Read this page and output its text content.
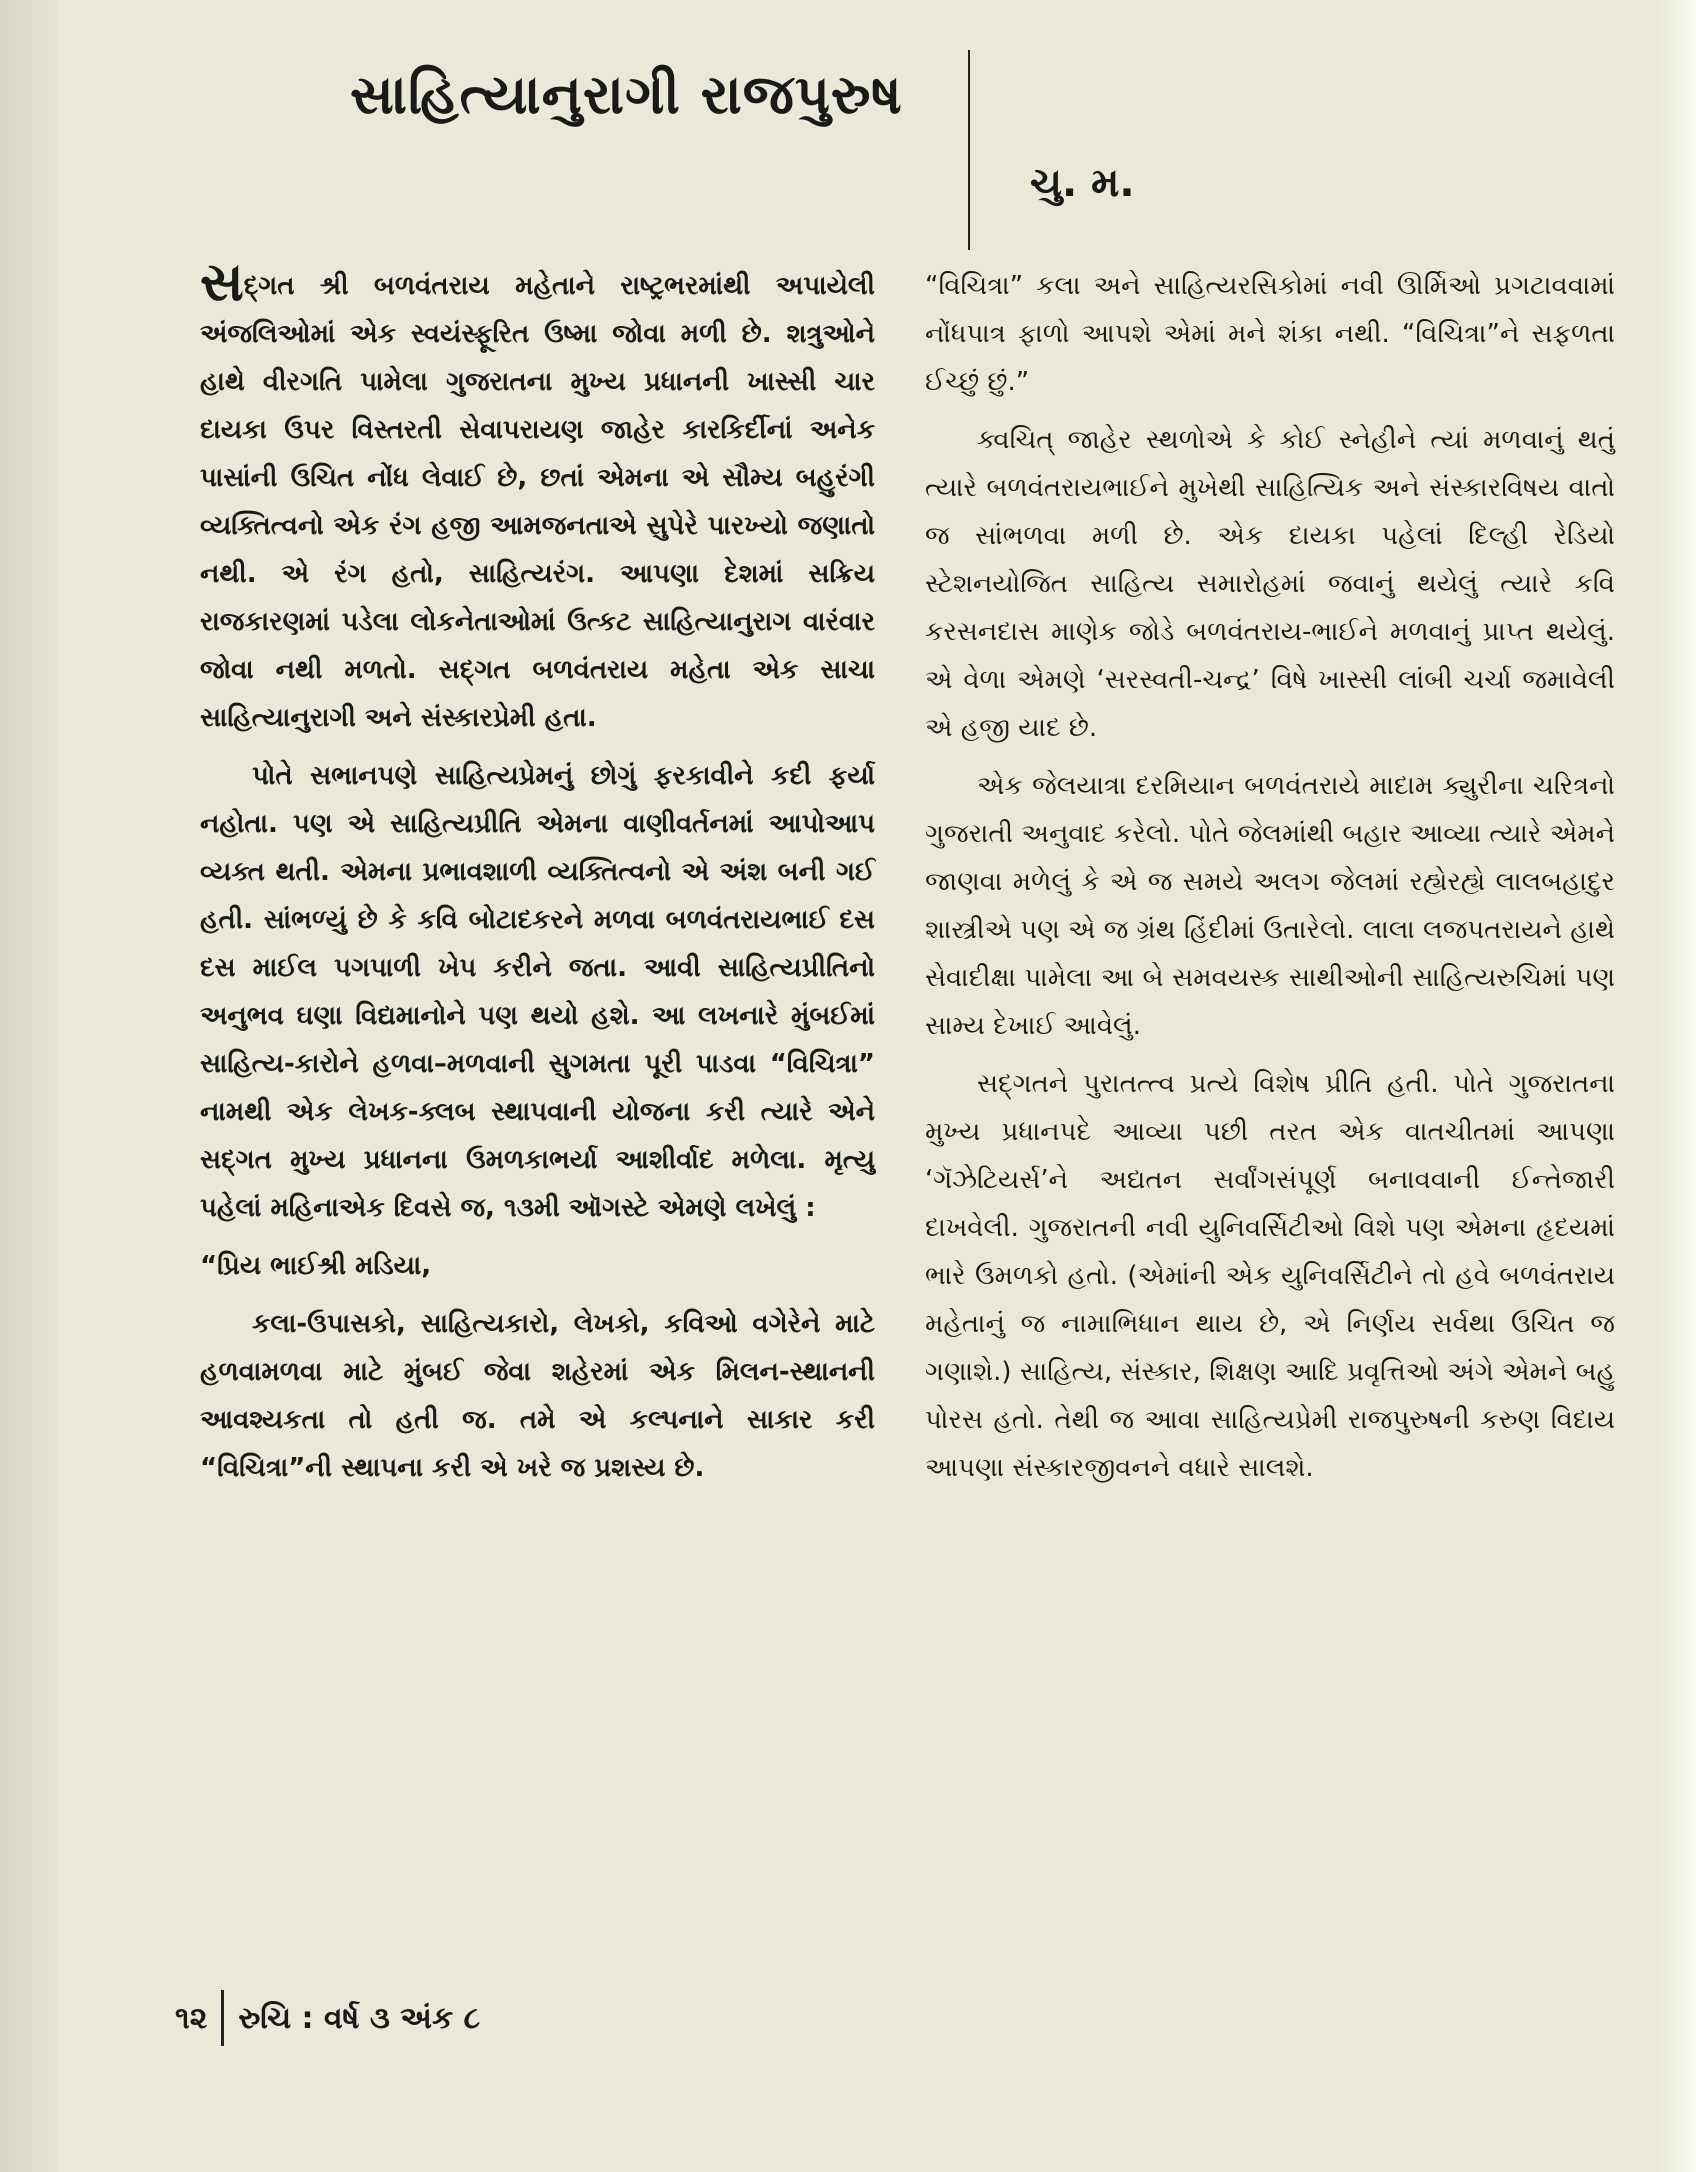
સાહિત્યાનુરાગી રાજપુરુષ
ચુ. મ.

સદ્ગત શ્રી બળવંતરાય મહેતાને રાષ્ટ્રભરમાંથી અપાયેલી અંજલિઓમાં એક સ્વયંસ્ફૂરિત ઉષ્મા જોવા મળી છે. શત્રુઓને હાથે વીરગતિ પામેલા ગુજરાતના મુખ્ય પ્રધાનની ખાસ્સી ચાર દાયકા ઉપર વિસ્તરતી સેવાપરાયણ જાહેર કારકિર્દીનાં અનેક પાસાંની ઉચિત નોંધ લેવાઈ છે, છતાં એમના એ સૌમ્ય બહુરંગી વ્યક્તિત્વનો એક રંગ હજી આમજનતાએ સુપેરે પારખ્યો જણાતો નથી. એ રંગ હતો, સાહિત્યરંગ. આપણા દેશમાં સક્રિય રાજકારણમાં પડેલા લોકનેતાઓમાં ઉત્કટ સાહિત્યાનુરાગ વારંવાર જોવા નથી મળતો. સદ્ગત બળવંતરાય મહેતા એક સાચા સાહિત્યાનુરાગી અને સંસ્કારપ્રેમી હતા.

પોતે સભાનપણે સાહિત્યપ્રેમનું છોગું ફરકાવીને કદી ફર્યા નહોતા. પણ એ સાહિત્યપ્રીતિ એમના વાણીવર્તનમાં આપોઆપ વ્યક્ત થતી. એમના પ્રભાવશાળી વ્યક્તિત્વનો એ અંશ બની ગઈ હતી. સાંભળ્યું છે કે કવિ બોટાદકરને મળવા બળવંતરાયભાઈ દસ દસ માઈલ પગપાળી ખેપ કરીને જતા. આવી સાહિત્યપ્રીતિનો અનુભવ ઘણા વિદ્યમાનોને પણ થયો હશે. આ લખનારે મુંબઈમાં સાહિત્ય-કારોને હળવા–મળવાની સુગમતા પૂરી પાડવા “વિચિત્રા” નામથી એક લેખક-ક્લબ સ્થાપવાની યોજના કરી ત્યારે એને સદ્ગત મુખ્ય પ્રધાનના ઉમળકાભર્યા આશીર્વાદ મળેલા. મૃત્યુ પહેલાં મહિનાએક દિવસે જ, ૧૩મી ઑગસ્ટે એમણે લખેલું :

“પ્રિય ભાઈશ્રી મડિયા,

કલા-ઉપાસકો, સાહિત્યકારો, લેખકો, કવિઓ વગેરેને માટે હળવામળવા માટે મુંબઈ જેવા શહેરમાં એક મિલન-સ્થાનની આવશ્યકતા તો હતી જ. તમે એ કલ્પનાને સાકાર કરી “વિચિત્રા”ની સ્થાપના કરી એ ખરે જ પ્રશસ્ય છે.

“વિચિત્રા” કલા અને સાહિત્યરસિકોમાં નવી ઊર્મિઓ પ્રગટાવવામાં નોંધપાત્ર ફાળો આપશે એમાં મને શંકા નથી. “વિચિત્રા”ને સફળતા ઈચ્છું છું.”

ક્વચિત્ જાહેર સ્થળોએ કે કોઈ સ્નેહીને ત્યાં મળવાનું થતું ત્યારે બળવંતરાયભાઈને મુખેથી સાહિત્યિક અને સંસ્કારવિષય વાતો જ સાંભળવા મળી છે. એક દાયકા પહેલાં દિલ્હી રેડિયો સ્ટેશનયોજિત સાહિત્ય સમારોહમાં જવાનું થયેલું ત્યારે કવિ કરસનદાસ માણેક જોડે બળવંતરાય-ભાઈને મળવાનું પ્રાપ્ત થયેલું. એ વેળા એમણે ‘સરસ્વતી-ચન્દ્ર’ વિષે ખાસ્સી લાંબી ચર્ચા જમાવેલી એ હજી યાદ છે.

એક જેલયાત્રા દરમિયાન બળવંતરાયે માદામ ક્યુરીના ચરિત્રનો ગુજરાતી અનુવાદ કરેલો. પોતે જેલમાંથી બહાર આવ્યા ત્યારે એમને જાણવા મળેલું કે એ જ સમયે અલગ જેલમાં રહ્યેરહ્યે લાલબહાદુર શાસ્ત્રીએ પણ એ જ ગ્રંથ હિંદીમાં ઉતારેલો. લાલા લજપતરાયને હાથે સેવાદીક્ષા પામેલા આ બે સમવયસ્ક સાથીઓની સાહિત્યરુચિમાં પણ સામ્ય દેખાઈ આવેલું.

સદ્ગતને પુરાતત્ત્વ પ્રત્યે વિશેષ પ્રીતિ હતી. પોતે ગુજરાતના મુખ્ય પ્રધાનપદે આવ્યા પછી તરત એક વાતચીતમાં આપણા ‘ગૅઝેટિયર્સ’ને અદ્યતન સર્વાંગસંપૂર્ણ બનાવવાની ઈન્તેજારી દાખવેલી. ગુજરાતની નવી યુનિવર્સિટીઓ વિશે પણ એમના હૃદયમાં ભારે ઉમળકો હતો. (એમાંની એક યુનિવર્સિટીને તો હવે બળવંતરાય મહેતાનું જ નામાભિધાન થાય છે, એ નિર્ણય સર્વથા ઉચિત જ ગણાશે.) સાહિત્ય, સંસ્કાર, શિક્ષણ આદિ પ્રવૃત્તિઓ અંગે એમને બહુ પોરસ હતો. તેથી જ આવા સાહિત્યપ્રેમી રાજપુરુષની કરુણ વિદાય આપણા સંસ્કારજીવનને વધારે સાલશે.

૧૨ રુચિ : વર્ષ ૩ અંક ૮
